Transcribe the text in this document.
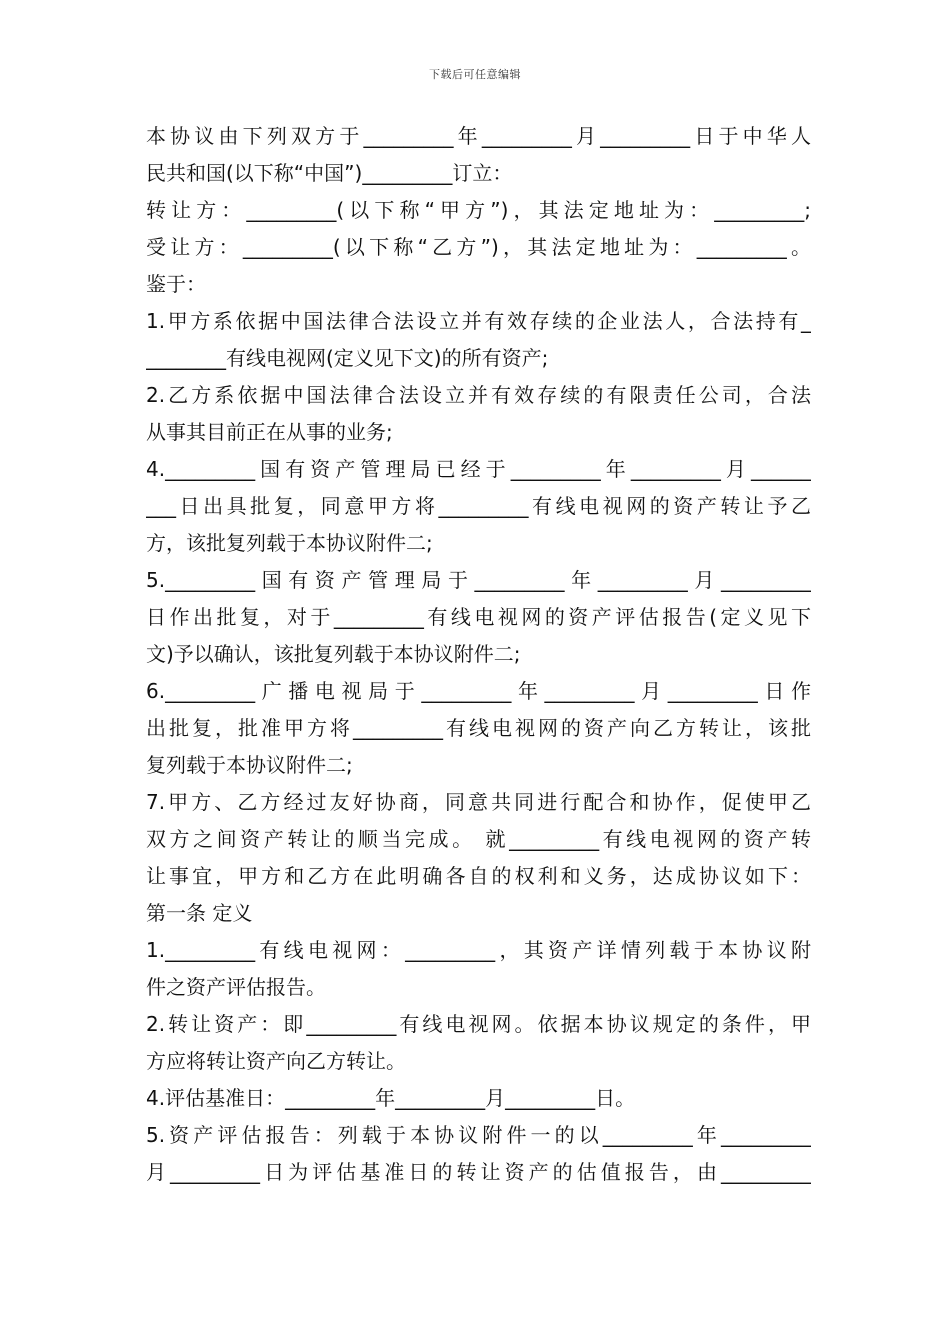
下载后可任意编辑
本协议由下列双方于_________年_________月_________日于中华人
民共和国(以下称“中国”)_________订立：
转让方：_________(以下称“甲方”)，其法定地址为：_________;
受让方：_________(以下称“乙方”)，其法定地址为：_________。
鉴于：
1.甲方系依据中国法律合法设立并有效存续的企业法人，合法持有_
________有线电视网(定义见下文)的所有资产;
2.乙方系依据中国法律合法设立并有效存续的有限责任公司，合法
从事其目前正在从事的业务;
4._________国有资产管理局已经于_________年_________月______
___日出具批复，同意甲方将_________有线电视网的资产转让予乙
方，该批复列载于本协议附件二;
5._________国有资产管理局于_________年_________月_________
日作出批复，对于_________有线电视网的资产评估报告(定义见下
文)予以确认，该批复列载于本协议附件二;
6._________广播电视局于_________年_________月_________日作
出批复，批准甲方将_________有线电视网的资产向乙方转让，该批
复列载于本协议附件二;
7.甲方、乙方经过友好协商，同意共同进行配合和协作，促使甲乙
双方之间资产转让的顺当完成。 就_________有线电视网的资产转
让事宜，甲方和乙方在此明确各自的权利和义务，达成协议如下：
第一条 定义
1._________有线电视网：_________，其资产详情列载于本协议附
件之资产评估报告。
2.转让资产：即_________有线电视网。依据本协议规定的条件，甲
方应将转让资产向乙方转让。
4.评估基准日：_________年_________月_________日。
5.资产评估报告：列载于本协议附件一的以_________年_________
月_________日为评估基准日的转让资产的估值报告，由_________
